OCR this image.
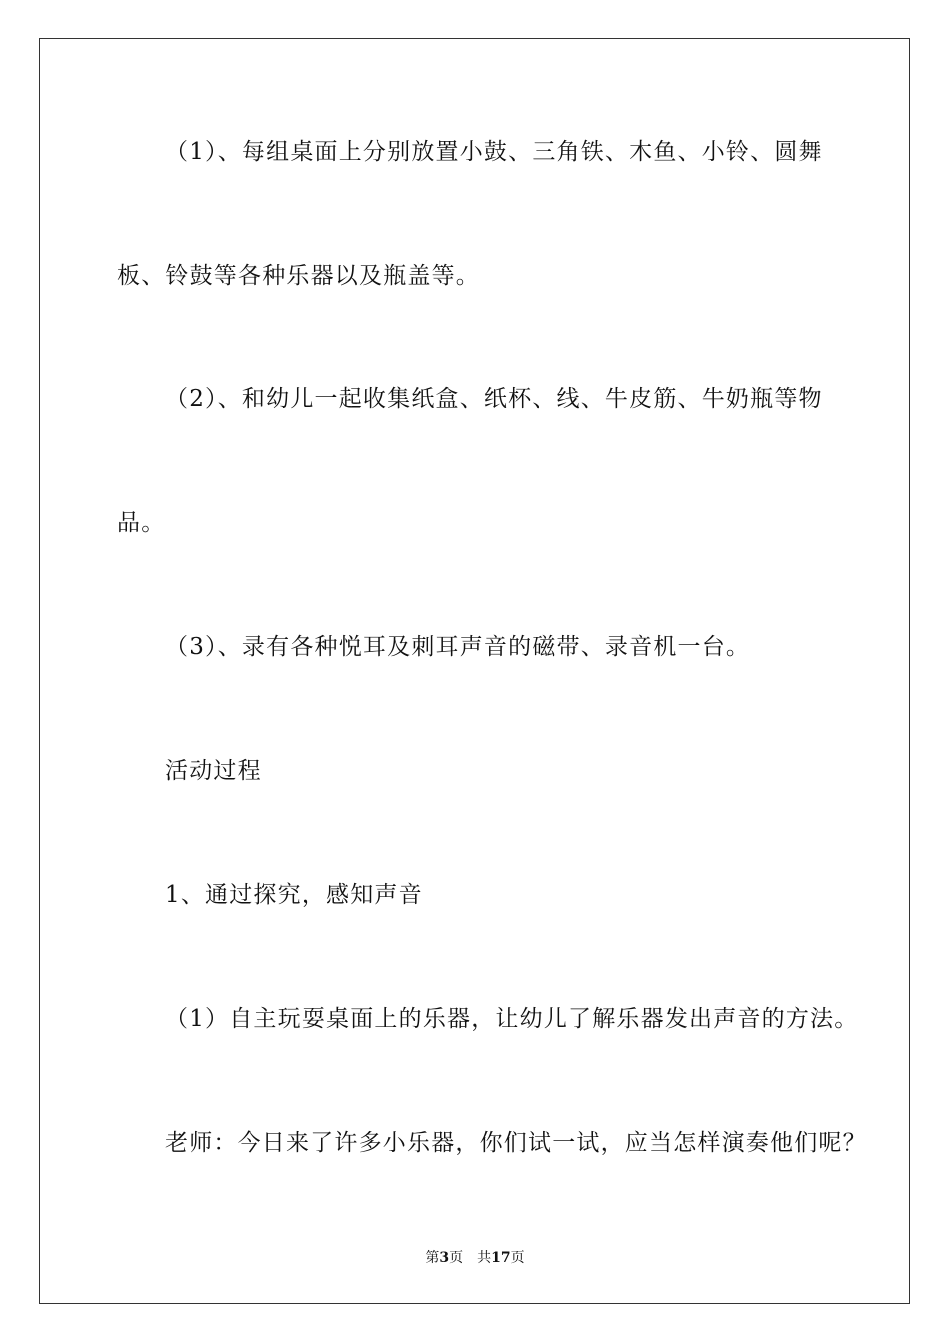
（1）、每组桌面上分别放置小鼓、三角铁、木鱼、小铃、圆舞
板、铃鼓等各种乐器以及瓶盖等。
（2）、和幼儿一起收集纸盒、纸杯、线、牛皮筋、牛奶瓶等物
品。
（3）、录有各种悦耳及刺耳声音的磁带、录音机一台。
活动过程
1、通过探究，感知声音
（1）自主玩耍桌面上的乐器，让幼儿了解乐器发出声音的方法。
老师：今日来了许多小乐器，你们试一试，应当怎样演奏他们呢？
第3页 共17页
